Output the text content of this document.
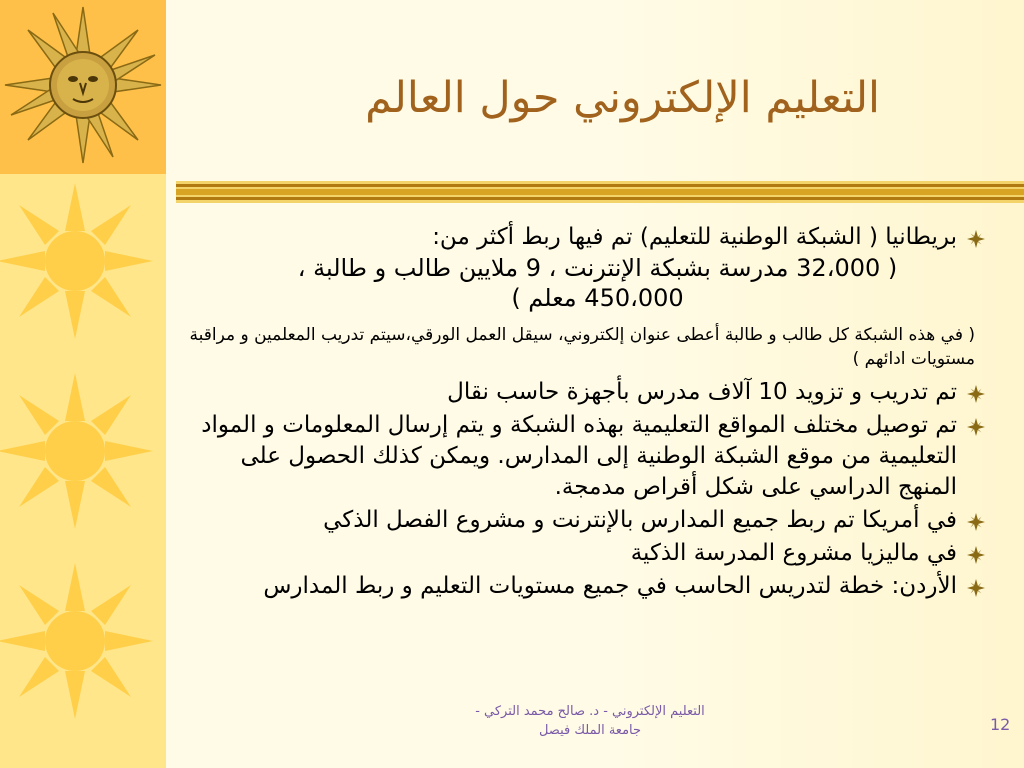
التعليم الإلكتروني حول العالم
بريطانيا ( الشبكة الوطنية للتعليم) تم فيها ربط أكثر من:
( 32،000 مدرسة بشبكة الإنترنت ، 9 ملايين طالب و طالبة ، 450،000 معلم )
( في هذه الشبكة كل طالب و طالبة أعطى عنوان إلكتروني، سيقل العمل الورقي،سيتم تدريب المعلمين و مراقبة مستويات ادائهم )
تم تدريب و تزويد 10 آلاف مدرس بأجهزة حاسب نقال
تم توصيل مختلف المواقع التعليمية بهذه الشبكة و يتم إرسال المعلومات و المواد التعليمية من موقع الشبكة الوطنية إلى المدارس. ويمكن كذلك الحصول على المنهج الدراسي على شكل أقراص مدمجة.
في أمريكا تم ربط جميع المدارس بالإنترنت و مشروع الفصل الذكي
في ماليزيا مشروع المدرسة الذكية
الأردن: خطة لتدريس الحاسب في جميع مستويات التعليم و ربط المدارس
التعليم الإلكتروني - د. صالح محمد التركي -
جامعة الملك فيصل	12
